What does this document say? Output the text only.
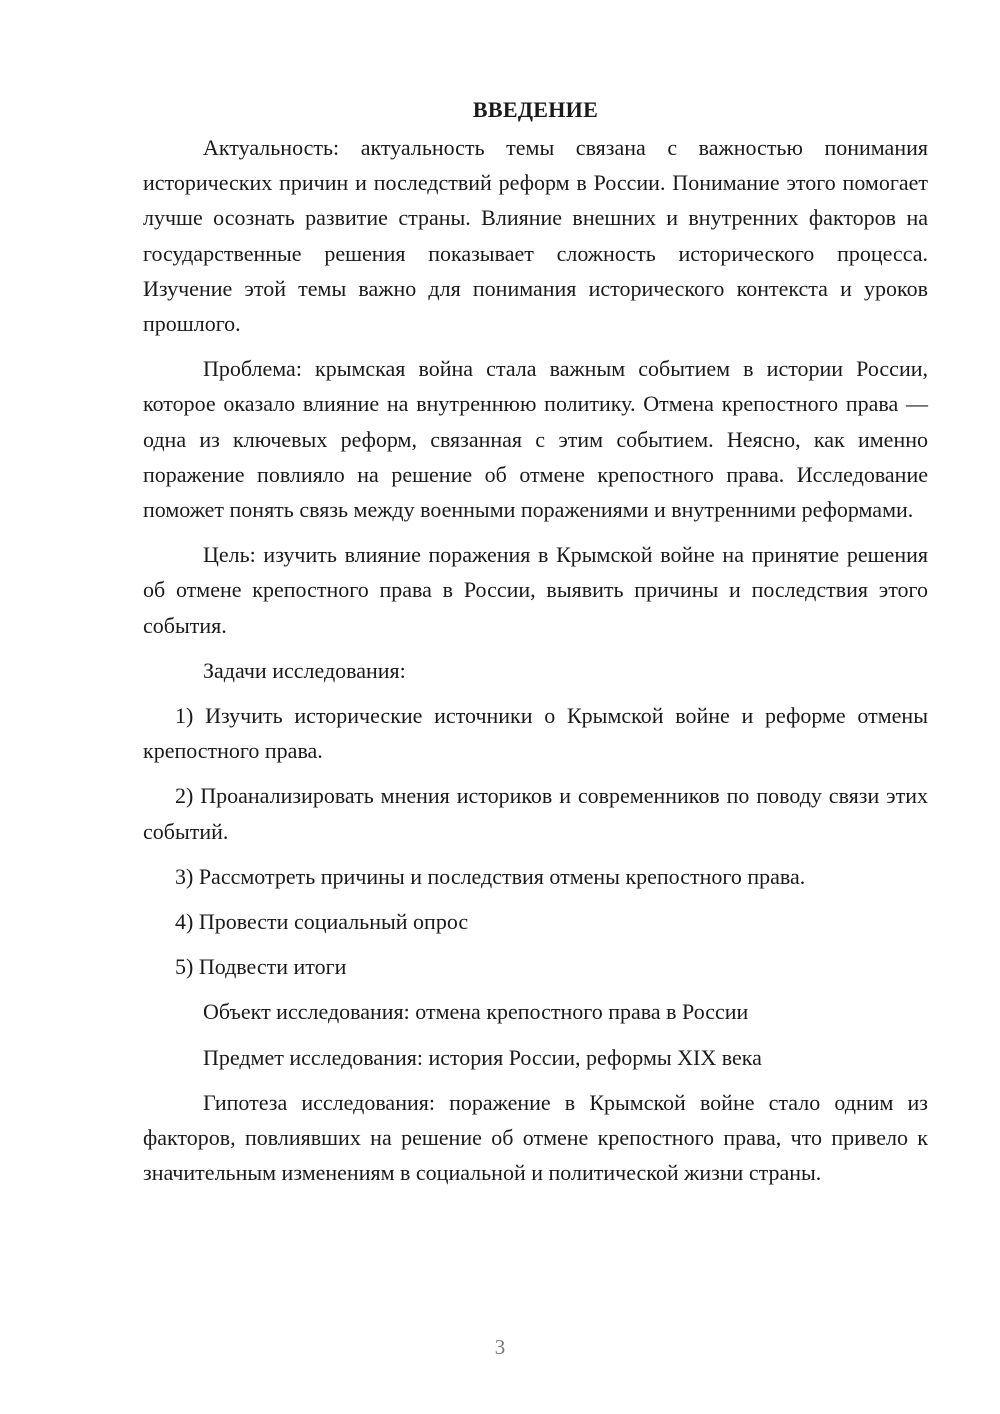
ВВЕДЕНИЕ

Актуальность: актуальность темы связана с важностью понимания исторических причин и последствий реформ в России. Понимание этого помогает лучше осознать развитие страны. Влияние внешних и внутренних факторов на государственные решения показывает сложность исторического процесса. Изучение этой темы важно для понимания исторического контекста и уроков прошлого.

Проблема: крымская война стала важным событием в истории России, которое оказало влияние на внутреннюю политику. Отмена крепостного права — одна из ключевых реформ, связанная с этим событием. Неясно, как именно поражение повлияло на решение об отмене крепостного права. Исследование поможет понять связь между военными поражениями и внутренними реформами.

Цель: изучить влияние поражения в Крымской войне на принятие решения об отмене крепостного права в России, выявить причины и последствия этого события.

Задачи исследования:

1) Изучить исторические источники о Крымской войне и реформе отмены крепостного права.

2) Проанализировать мнения историков и современников по поводу связи этих событий.

3) Рассмотреть причины и последствия отмены крепостного права.

4) Провести социальный опрос

5) Подвести итоги

Объект исследования: отмена крепостного права в России

Предмет исследования: история России, реформы XIX века

Гипотеза исследования: поражение в Крымской войне стало одним из факторов, повлиявших на решение об отмене крепостного права, что привело к значительным изменениям в социальной и политической жизни страны.

3
